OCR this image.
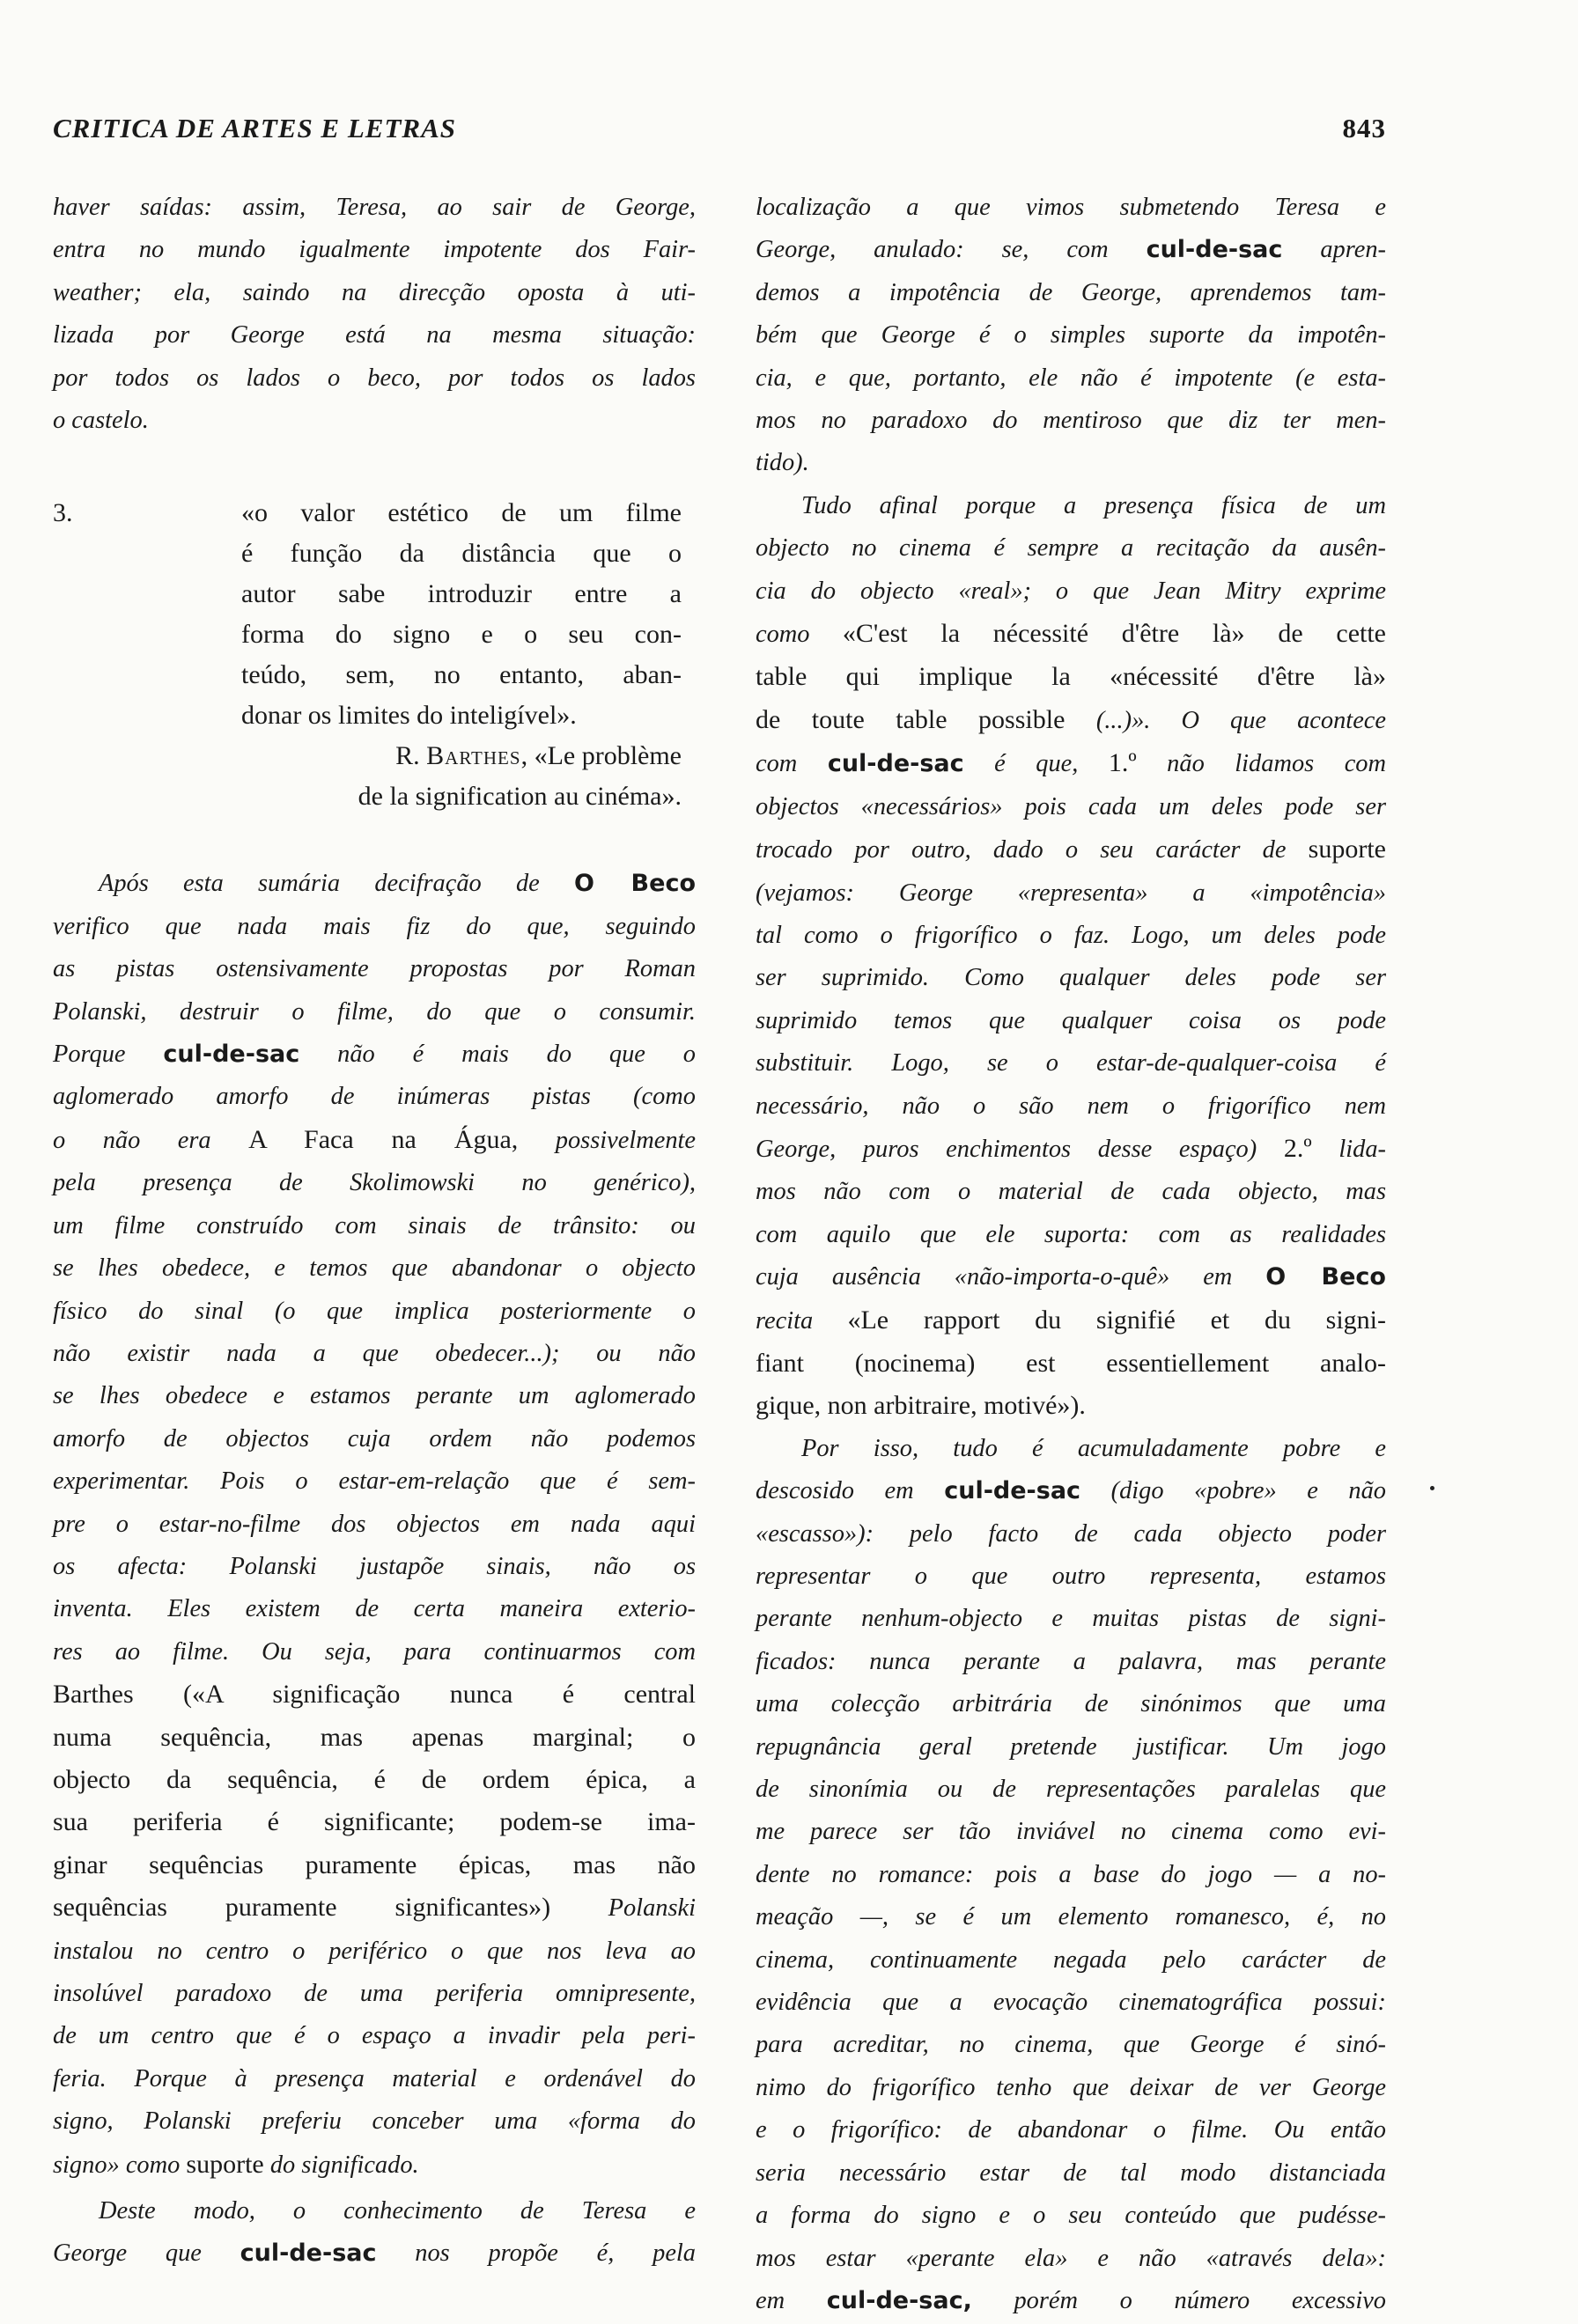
CRITICA DE ARTES E LETRAS	843

haver saídas: assim, Teresa, ao sair de George,
entra no mundo igualmente impotente dos Fair-
weather; ela, saindo na direcção oposta à uti-
lizada por George está na mesma situação:
por todos os lados o beco, por todos os lados
o castelo.

3.	«o valor estético de um filme
é função da distância que o
autor sabe introduzir entre a
forma do signo e o seu con-
teúdo, sem, no entanto, aban-
donar os limites do inteligível».
R. Barthes, «Le problème
de la signification au cinéma».

Após esta sumária decifração de O Beco
verifico que nada mais fiz do que, seguindo
as pistas ostensivamente propostas por Roman
Polanski, destruir o filme, do que o consumir.
Porque cul-de-sac não é mais do que o
aglomerado amorfo de inúmeras pistas (como
o não era A Faca na Água, possivelmente
pela presença de Skolimowski no genérico),
um filme construído com sinais de trânsito: ou
se lhes obedece, e temos que abandonar o objecto
físico do sinal (o que implica posteriormente o
não existir nada a que obedecer...); ou não
se lhes obedece e estamos perante um aglomerado
amorfo de objectos cuja ordem não podemos
experimentar. Pois o estar-em-relação que é sem-
pre o estar-no-filme dos objectos em nada aqui
os afecta: Polanski justapõe sinais, não os
inventa. Eles existem de certa maneira exterio-
res ao filme. Ou seja, para continuarmos com
Barthes («A significação nunca é central
numa sequência, mas apenas marginal; o
objecto da sequência, é de ordem épica, a
sua periferia é significante; podem-se ima-
ginar sequências puramente épicas, mas não
sequências puramente significantes») Polanski
instalou no centro o periférico o que nos leva ao
insolúvel paradoxo de uma periferia omnipresente,
de um centro que é o espaço a invadir pela peri-
feria. Porque à presença material e ordenável do
signo, Polanski preferiu conceber uma «forma do
signo» como suporte do significado.

Deste modo, o conhecimento de Teresa e
George que cul-de-sac nos propõe é, pela

localização a que vimos submetendo Teresa e
George, anulado: se, com cul-de-sac apren-
demos a impotência de George, aprendemos tam-
bém que George é o simples suporte da impotên-
cia, e que, portanto, ele não é impotente (e esta-
mos no paradoxo do mentiroso que diz ter men-
tido).

Tudo afinal porque a presença física de um
objecto no cinema é sempre a recitação da ausên-
cia do objecto «real»; o que Jean Mitry exprime
como «C'est la nécessité d'être là» de cette
table qui implique la «nécessité d'être là»
de toute table possible (...)». O que acontece
com cul-de-sac é que, 1.º não lidamos com
objectos «necessários» pois cada um deles pode ser
trocado por outro, dado o seu carácter de suporte
(vejamos: George «representa» a «impotência»
tal como o frigorífico o faz. Logo, um deles pode
ser suprimido. Como qualquer deles pode ser
suprimido temos que qualquer coisa os pode
substituir. Logo, se o estar-de-qualquer-coisa é
necessário, não o são nem o frigorífico nem
George, puros enchimentos desse espaço) 2.º lida-
mos não com o material de cada objecto, mas
com aquilo que ele suporta: com as realidades
cuja ausência «não-importa-o-quê» em O Beco
recita «Le rapport du signifié et du signi-
fiant (nocinema) est essentiellement analo-
gique, non arbitraire, motivé»).

Por isso, tudo é acumuladamente pobre e
descosido em cul-de-sac (digo «pobre» e não
«escasso»): pelo facto de cada objecto poder
representar o que outro representa, estamos
perante nenhum-objecto e muitas pistas de signi-
ficados: nunca perante a palavra, mas perante
uma colecção arbitrária de sinónimos que uma
repugnância geral pretende justificar. Um jogo
de sinonímia ou de representações paralelas que
me parece ser tão inviável no cinema como evi-
dente no romance: pois a base do jogo — a no-
meação —, se é um elemento romanesco, é, no
cinema, continuamente negada pelo carácter de
evidência que a evocação cinematográfica possui:
para acreditar, no cinema, que George é sinó-
nimo do frigorífico tenho que deixar de ver George
e o frigorífico: de abandonar o filme. Ou então
seria necessário estar de tal modo distanciada
a forma do signo e o seu conteúdo que pudésse-
mos estar «perante ela» e não «através dela»:
em cul-de-sac, porém o número excessivo
